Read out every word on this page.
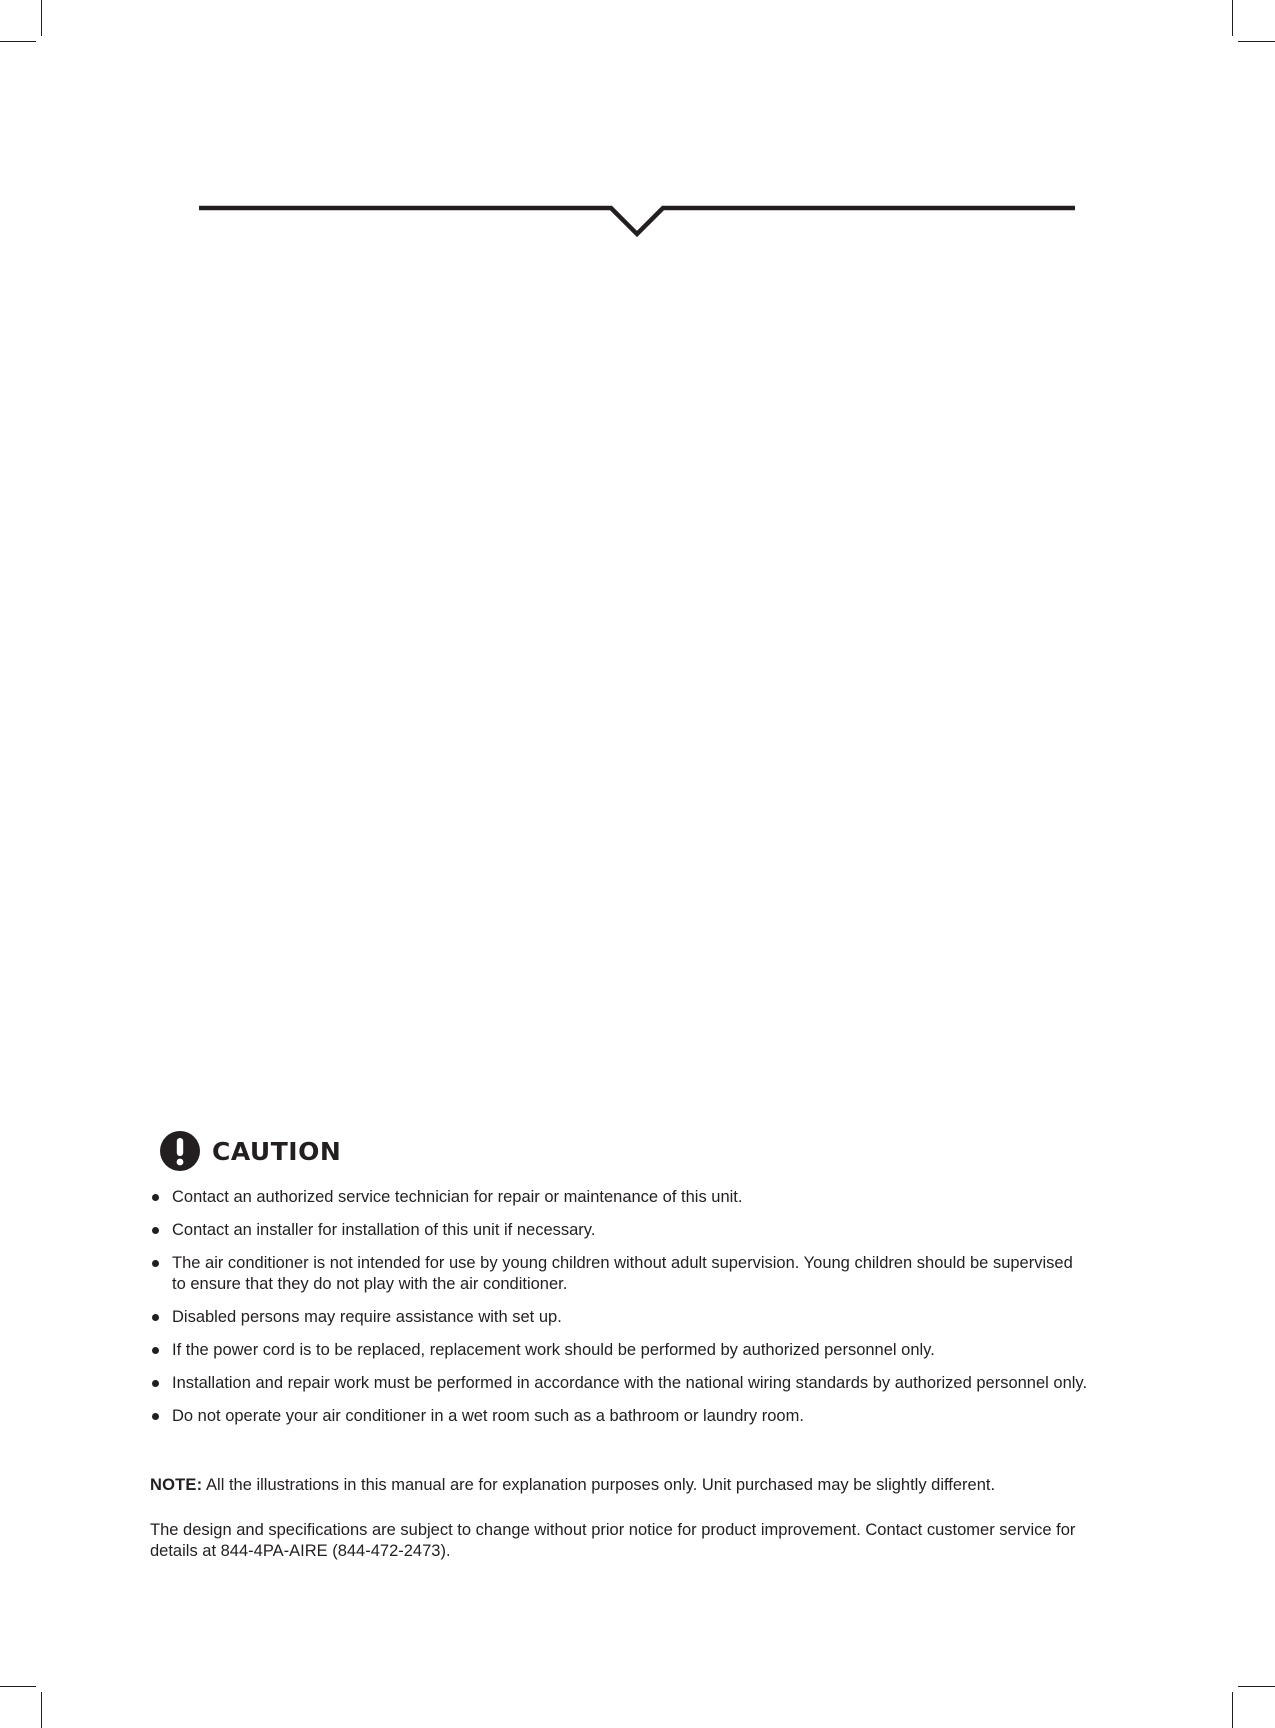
CAUTION
Contact an authorized service technician for repair or maintenance of this unit.
Contact an installer for installation of this unit if necessary.
The air conditioner is not intended for use by young children without adult supervision. Young children should be supervised to ensure that they do not play with the air conditioner.
Disabled persons may require assistance with set up.
If the power cord is to be replaced, replacement work should be performed by authorized personnel only.
Installation and repair work must be performed in accordance with the national wiring standards by authorized personnel only.
Do not operate your air conditioner in a wet room such as a bathroom or laundry room.

NOTE: All the illustrations in this manual are for explanation purposes only. Unit purchased may be slightly different.

The design and specifications are subject to change without prior notice for product improvement. Contact customer service for details at 844-4PA-AIRE (844-472-2473).
